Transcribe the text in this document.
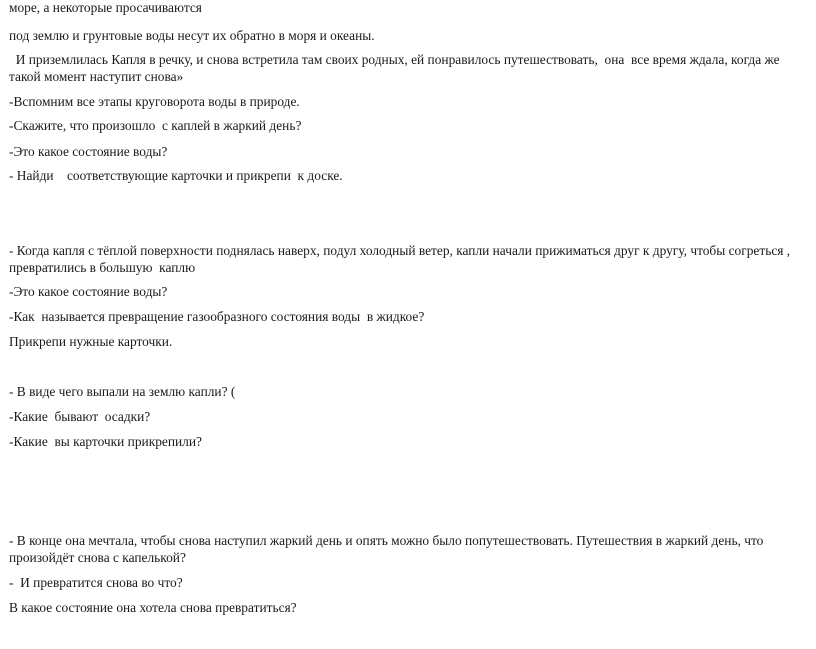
море, а некоторые просачиваются
под землю и грунтовые воды несут их обратно в моря и океаны.
И приземлилась Капля в речку, и снова встретила там своих родных, ей понравилось путешествовать,  она  все время ждала, когда же такой момент наступит снова»
-Вспомним все этапы круговорота воды в природе.
-Скажите, что произошло  с каплей в жаркий день?
-Это какое состояние воды?
- Найди    соответствующие карточки и прикрепи  к доске.
- Когда капля с тёплой поверхности поднялась наверх, подул холодный ветер, капли начали прижиматься друг к другу, чтобы согреться , превратились в большую  каплю
-Это какое состояние воды?
-Как  называется превращение газообразного состояния воды  в жидкое?
Прикрепи нужные карточки.
- В виде чего выпали на землю капли? (
-Какие  бывают  осадки?
-Какие  вы карточки прикрепили?
- В конце она мечтала, чтобы снова наступил жаркий день и опять можно было попутешествовать. Путешествия в жаркий день, что произойдёт снова с капелькой?
-  И превратится снова во что?
В какое состояние она хотела снова превратиться?
